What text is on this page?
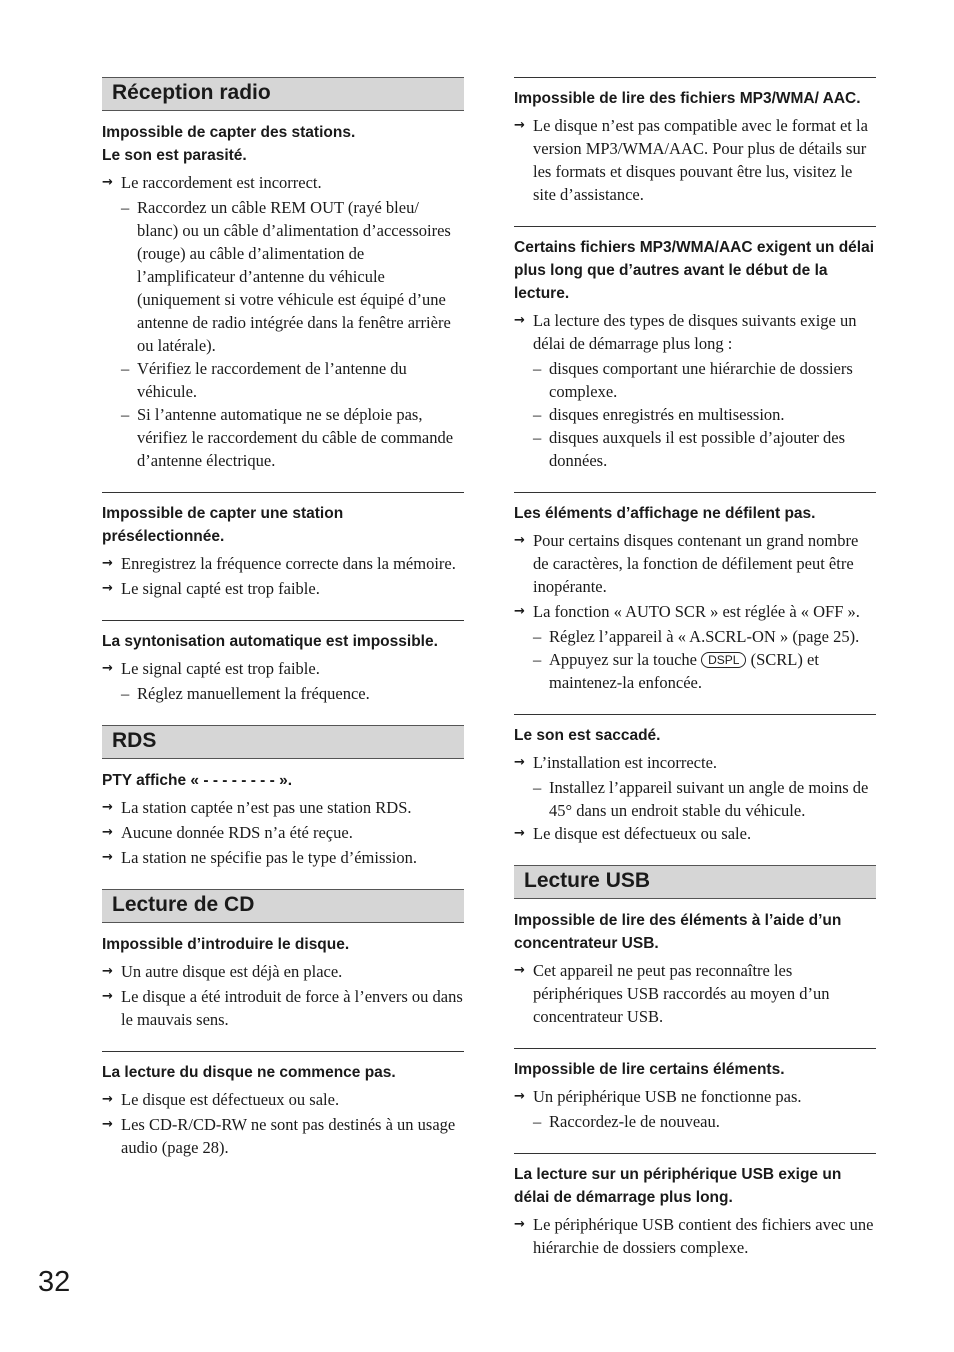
Réception radio
Impossible de capter des stations.
Le son est parasité.
→ Le raccordement est incorrect.
– Raccordez un câble REM OUT (rayé bleu/ blanc) ou un câble d’alimentation d’accessoires (rouge) au câble d’alimentation de l’amplificateur d’antenne du véhicule (uniquement si votre véhicule est équipé d’une antenne de radio intégrée dans la fenêtre arrière ou latérale).
– Vérifiez le raccordement de l’antenne du véhicule.
– Si l’antenne automatique ne se déploie pas, vérifiez le raccordement du câble de commande d’antenne électrique.
Impossible de capter une station présélectionnée.
→ Enregistrez la fréquence correcte dans la mémoire.
→ Le signal capté est trop faible.
La syntonisation automatique est impossible.
→ Le signal capté est trop faible.
– Réglez manuellement la fréquence.
RDS
PTY affiche « - - - - - - - - ».
→ La station captée n’est pas une station RDS.
→ Aucune donnée RDS n’a été reçue.
→ La station ne spécifie pas le type d’émission.
Lecture de CD
Impossible d’introduire le disque.
→ Un autre disque est déjà en place.
→ Le disque a été introduit de force à l’envers ou dans le mauvais sens.
La lecture du disque ne commence pas.
→ Le disque est défectueux ou sale.
→ Les CD-R/CD-RW ne sont pas destinés à un usage audio (page 28).
Impossible de lire des fichiers MP3/WMA/ AAC.
→ Le disque n’est pas compatible avec le format et la version MP3/WMA/AAC. Pour plus de détails sur les formats et disques pouvant être lus, visitez le site d’assistance.
Certains fichiers MP3/WMA/AAC exigent un délai plus long que d’autres avant le début de la lecture.
→ La lecture des types de disques suivants exige un délai de démarrage plus long :
– disques comportant une hiérarchie de dossiers complexe.
– disques enregistrés en multisession.
– disques auxquels il est possible d’ajouter des données.
Les éléments d’affichage ne défilent pas.
→ Pour certains disques contenant un grand nombre de caractères, la fonction de défilement peut être inopérante.
→ La fonction « AUTO SCR » est réglée à « OFF ».
– Réglez l’appareil à « A.SCRL-ON » (page 25).
– Appuyez sur la touche DSPL (SCRL) et maintenez-la enfoncée.
Le son est saccadé.
→ L’installation est incorrecte.
– Installez l’appareil suivant un angle de moins de 45° dans un endroit stable du véhicule.
→ Le disque est défectueux ou sale.
Lecture USB
Impossible de lire des éléments à l’aide d’un concentrateur USB.
→ Cet appareil ne peut pas reconnaître les périphériques USB raccordés au moyen d’un concentrateur USB.
Impossible de lire certains éléments.
→ Un périphérique USB ne fonctionne pas.
– Raccordez-le de nouveau.
La lecture sur un périphérique USB exige un délai de démarrage plus long.
→ Le périphérique USB contient des fichiers avec une hiérarchie de dossiers complexe.
32
